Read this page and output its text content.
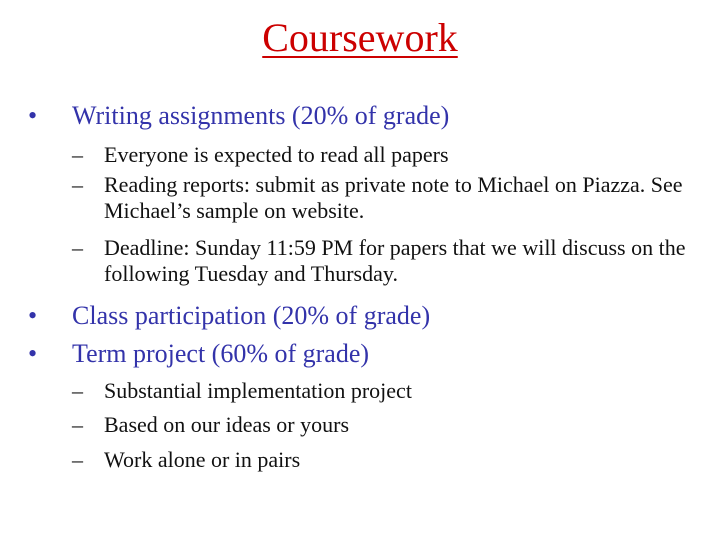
Coursework
• Writing assignments (20% of grade)
– Everyone is expected to read all papers
– Reading reports: submit as private note to Michael on Piazza. See Michael’s sample on website.
– Deadline: Sunday 11:59 PM for papers that we will discuss on the following Tuesday and Thursday.
• Class participation (20% of grade)
• Term project (60% of grade)
– Substantial implementation project
– Based on our ideas or yours
– Work alone or in pairs
